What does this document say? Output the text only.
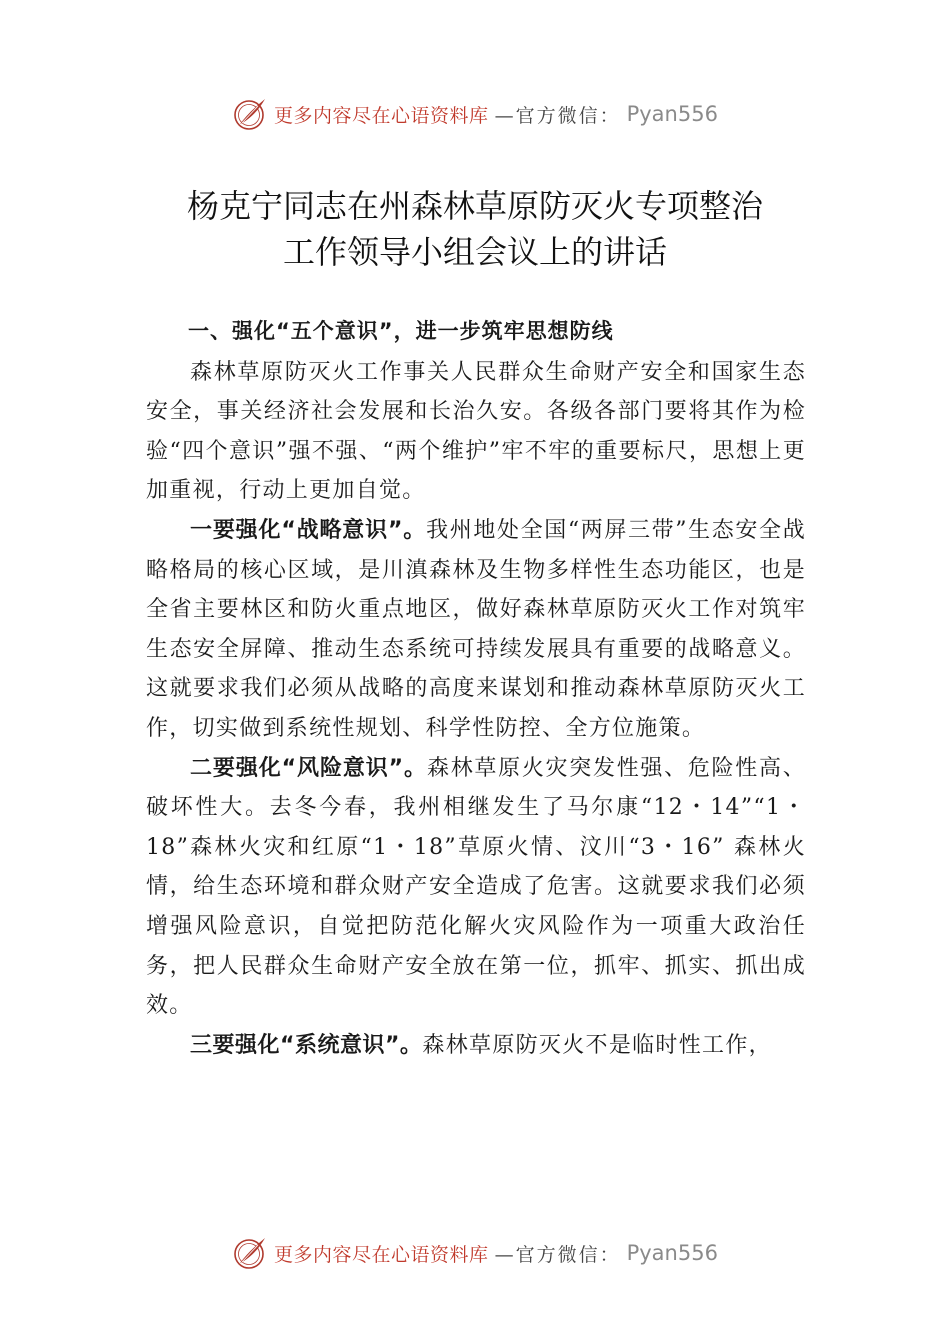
更多内容尽在心语资料库 —官方微信： Pyan556
杨克宁同志在州森林草原防灭火专项整治
工作领导小组会议上的讲话

一、强化“五个意识”，进一步筑牢思想防线

森林草原防灭火工作事关人民群众生命财产安全和国家生态安全，事关经济社会发展和长治久安。各级各部门要将其作为检验“四个意识”强不强、“两个维护”牢不牢的重要标尺，思想上更加重视，行动上更加自觉。

一要强化“战略意识”。我州地处全国“两屏三带”生态安全战略格局的核心区域，是川滇森林及生物多样性生态功能区，也是全省主要林区和防火重点地区，做好森林草原防灭火工作对筑牢生态安全屏障、推动生态系统可持续发展具有重要的战略意义。这就要求我们必须从战略的高度来谋划和推动森林草原防灭火工作，切实做到系统性规划、科学性防控、全方位施策。

二要强化“风险意识”。森林草原火灾突发性强、危险性高、破坏性大。去冬今春，我州相继发生了马尔康“12・14”“1・18”森林火灾和红原“1・18”草原火情、汶川“3・16” 森林火情，给生态环境和群众财产安全造成了危害。这就要求我们必须增强风险意识，自觉把防范化解火灾风险作为一项重大政治任务，把人民群众生命财产安全放在第一位，抓牢、抓实、抓出成效。

三要强化“系统意识”。森林草原防灭火不是临时性工作，

更多内容尽在心语资料库 —官方微信： Pyan556
